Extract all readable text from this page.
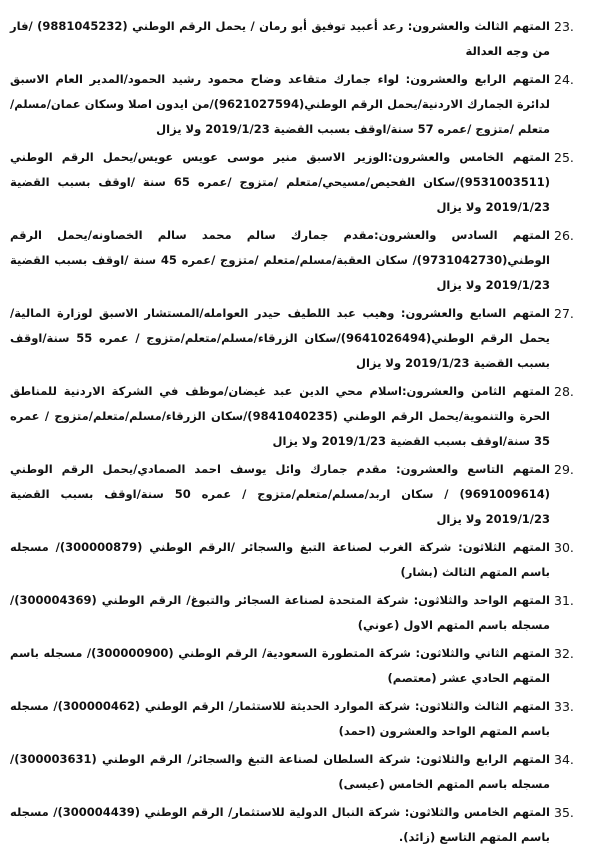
23.
المتهم الثالث والعشرون: رعد أعبيد توفيق أبو رمان / يحمل الرقم الوطني (9881045232) /فار من وجه العدالة
24.
المتهم الرابع والعشرون: لواء جمارك متقاعد وضاح محمود رشيد الحمود/المدير العام الاسبق لدائرة الجمارك الاردنية/يحمل الرقم الوطني(9621027594)/من ايدون اصلا وسكان عمان/مسلم/متعلم /متزوج /عمره 57 سنة/اوقف بسبب القضية 2019/1/23 ولا يزال
25.
المتهم الخامس والعشرون:الوزير الاسبق منير موسى عويس عويس/يحمل الرقم الوطني (9531003511)/سكان الفحيص/مسيحي/متعلم /متزوج /عمره 65 سنة /اوقف بسبب القضية 2019/1/23 ولا يزال
26.
المتهم السادس والعشرون:مقدم جمارك سالم محمد سالم الخصاونه/يحمل الرقم الوطني(9731042730)/ سكان العقبة/مسلم/متعلم /متزوج /عمره 45 سنة /اوقف بسبب القضية 2019/1/23 ولا يزال
27.
المتهم السابع والعشرون: وهيب عبد اللطيف حيدر العوامله/المستشار الاسبق لوزارة المالية/يحمل الرقم الوطني(9641026494)/سكان الزرقاء/مسلم/متعلم/متزوج / عمره 55 سنة/اوقف بسبب القضية 2019/1/23 ولا يزال
28.
المتهم الثامن والعشرون:اسلام محي الدين عبد غيضان/موظف في الشركة الاردنية للمناطق الحرة والتنموية/يحمل الرقم الوطني (9841040235)/سكان الزرقاء/مسلم/متعلم/متزوج / عمره 35 سنة/اوقف بسبب القضية 2019/1/23 ولا يزال
29.
المتهم التاسع والعشرون: مقدم جمارك وائل يوسف احمد الصمادي/يحمل الرقم الوطني (9691009614) / سكان اربد/مسلم/متعلم/متزوج / عمره 50 سنة/اوقف بسبب القضية 2019/1/23 ولا يزال
30.
المتهم الثلاثون: شركة الغرب لصناعة التبغ والسجائر /الرقم الوطني (300000879)/ مسجله باسم المتهم الثالث (بشار)
31.
المتهم الواحد والثلاثون: شركة المتحدة لصناعة السجائر والتبوغ/ الرقم الوطني (300004369)/ مسجله باسم المتهم الاول (عوني)
32.
المتهم الثاني والثلاثون: شركة المتطورة السعودية/ الرقم الوطني (300000900)/ مسجله باسم المتهم الحادي عشر (معتصم)
33.
المتهم الثالث والثلاثون: شركة الموارد الحديثة للاستثمار/ الرقم الوطني (300000462)/ مسجله باسم المتهم الواحد والعشرون (احمد)
34.
المتهم الرابع والثلاثون: شركة السلطان لصناعة التبغ والسجائر/ الرقم الوطني (300003631)/ مسجله باسم المتهم الخامس (عيسى)
35.
المتهم الخامس والثلاثون: شركة النبال الدولية للاستثمار/ الرقم الوطني (300004439)/ مسجله باسم المتهم التاسع (زائد).
